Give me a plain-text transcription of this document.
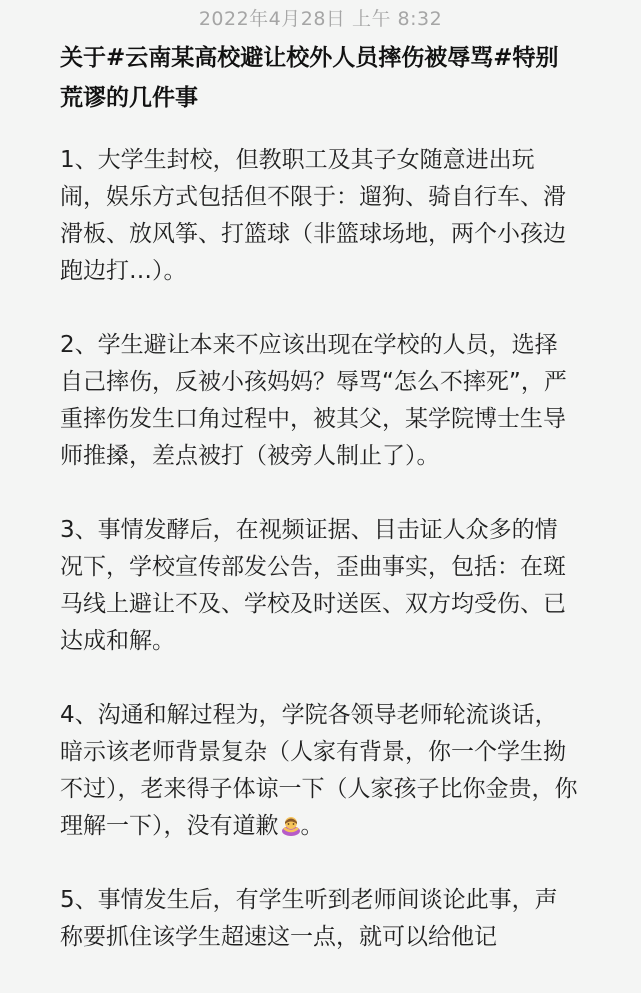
2022年4月28日 上午 8:32
关于#云南某高校避让校外人员摔伤被辱骂#特别荒谬的几件事

1、大学生封校，但教职工及其子女随意进出玩闹，娱乐方式包括但不限于：遛狗、骑自行车、滑滑板、放风筝、打篮球（非篮球场地，两个小孩边跑边打…）。

2、学生避让本来不应该出现在学校的人员，选择自己摔伤，反被小孩妈妈？辱骂“怎么不摔死”，严重摔伤发生口角过程中，被其父，某学院博士生导师推搡，差点被打（被旁人制止了）。

3、事情发酵后，在视频证据、目击证人众多的情况下，学校宣传部发公告，歪曲事实，包括：在斑马线上避让不及、学校及时送医、双方均受伤、已达成和解。

4、沟通和解过程为，学院各领导老师轮流谈话，暗示该老师背景复杂（人家有背景，你一个学生拗不过），老来得子体谅一下（人家孩子比你金贵，你理解一下），没有道歉 。

5、事情发生后，有学生听到老师间谈论此事，声称要抓住该学生超速这一点，就可以给他记
